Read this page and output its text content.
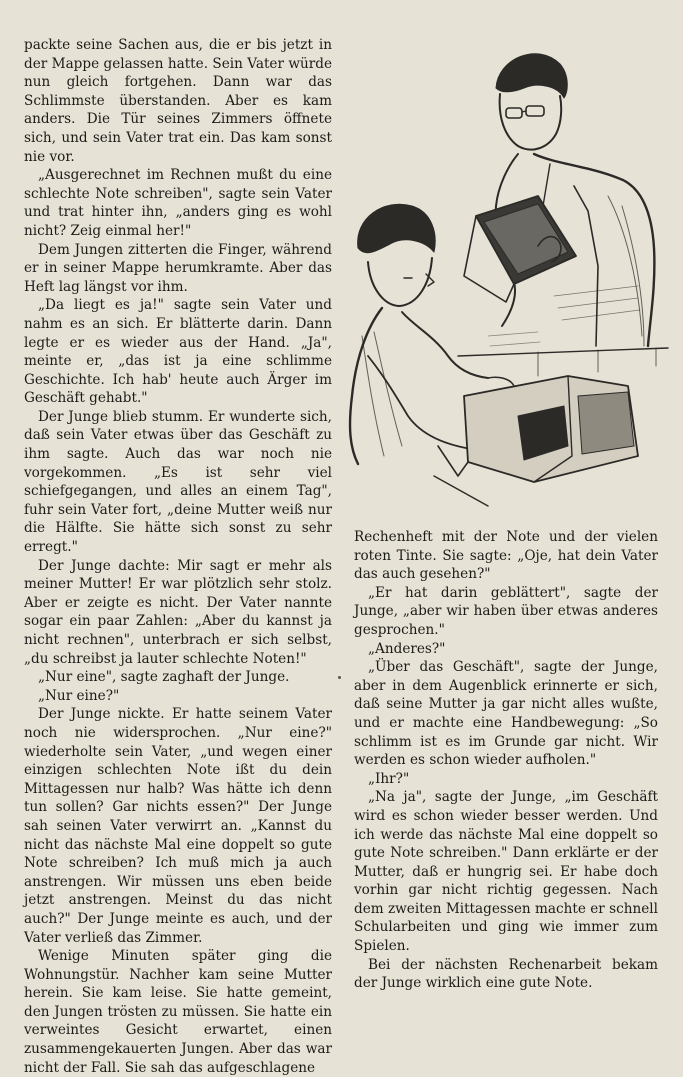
packte seine Sachen aus, die er bis jetzt in der Mappe gelassen hatte. Sein Vater würde nun gleich fortgehen. Dann war das Schlimmste überstanden. Aber es kam anders. Die Tür seines Zimmers öffnete sich, und sein Vater trat ein. Das kam sonst nie vor.

„Ausgerechnet im Rechnen mußt du eine schlechte Note schreiben", sagte sein Vater und trat hinter ihn, „anders ging es wohl nicht? Zeig einmal her!"

Dem Jungen zitterten die Finger, während er in seiner Mappe herumkramte. Aber das Heft lag längst vor ihm.

„Da liegt es ja!" sagte sein Vater und nahm es an sich. Er blätterte darin. Dann legte er es wieder aus der Hand. „Ja", meinte er, „das ist ja eine schlimme Geschichte. Ich hab' heute auch Ärger im Geschäft gehabt."

Der Junge blieb stumm. Er wunderte sich, daß sein Vater etwas über das Geschäft zu ihm sagte. Auch das war noch nie vorgekommen. „Es ist sehr viel schiefgegangen, und alles an einem Tag", fuhr sein Vater fort, „deine Mutter weiß nur die Hälfte. Sie hätte sich sonst zu sehr erregt."

Der Junge dachte: Mir sagt er mehr als meiner Mutter! Er war plötzlich sehr stolz. Aber er zeigte es nicht. Der Vater nannte sogar ein paar Zahlen: „Aber du kannst ja nicht rechnen", unterbrach er sich selbst, „du schreibst ja lauter schlechte Noten!"

„Nur eine", sagte zaghaft der Junge.

„Nur eine?"

Der Junge nickte. Er hatte seinem Vater noch nie widersprochen. „Nur eine?" wiederholte sein Vater, „und wegen einer einzigen schlechten Note ißt du dein Mittagessen nur halb? Was hätte ich denn tun sollen? Gar nichts essen?" Der Junge sah seinen Vater verwirrt an. „Kannst du nicht das nächste Mal eine doppelt so gute Note schreiben? Ich muß mich ja auch anstrengen. Wir müssen uns eben beide jetzt anstrengen. Meinst du das nicht auch?" Der Junge meinte es auch, und der Vater verließ das Zimmer.

Wenige Minuten später ging die Wohnungstür. Nachher kam seine Mutter herein. Sie kam leise. Sie hatte gemeint, den Jungen trösten zu müssen. Sie hatte ein verweintes Gesicht erwartet, einen zusammengekauerten Jungen. Aber das war nicht der Fall. Sie sah das aufgeschlagene

Rechenheft mit der Note und der vielen roten Tinte. Sie sagte: „Oje, hat dein Vater das auch gesehen?"

„Er hat darin geblättert", sagte der Junge, „aber wir haben über etwas anderes gesprochen."

„Anderes?"

„Über das Geschäft", sagte der Junge, aber in dem Augenblick erinnerte er sich, daß seine Mutter ja gar nicht alles wußte, und er machte eine Handbewegung: „So schlimm ist es im Grunde gar nicht. Wir werden es schon wieder aufholen."

„Ihr?"

„Na ja", sagte der Junge, „im Geschäft wird es schon wieder besser werden. Und ich werde das nächste Mal eine doppelt so gute Note schreiben." Dann erklärte er der Mutter, daß er hungrig sei. Er habe doch vorhin gar nicht richtig gegessen. Nach dem zweiten Mittagessen machte er schnell Schularbeiten und ging wie immer zum Spielen.

Bei der nächsten Rechenarbeit bekam der Junge wirklich eine gute Note.
